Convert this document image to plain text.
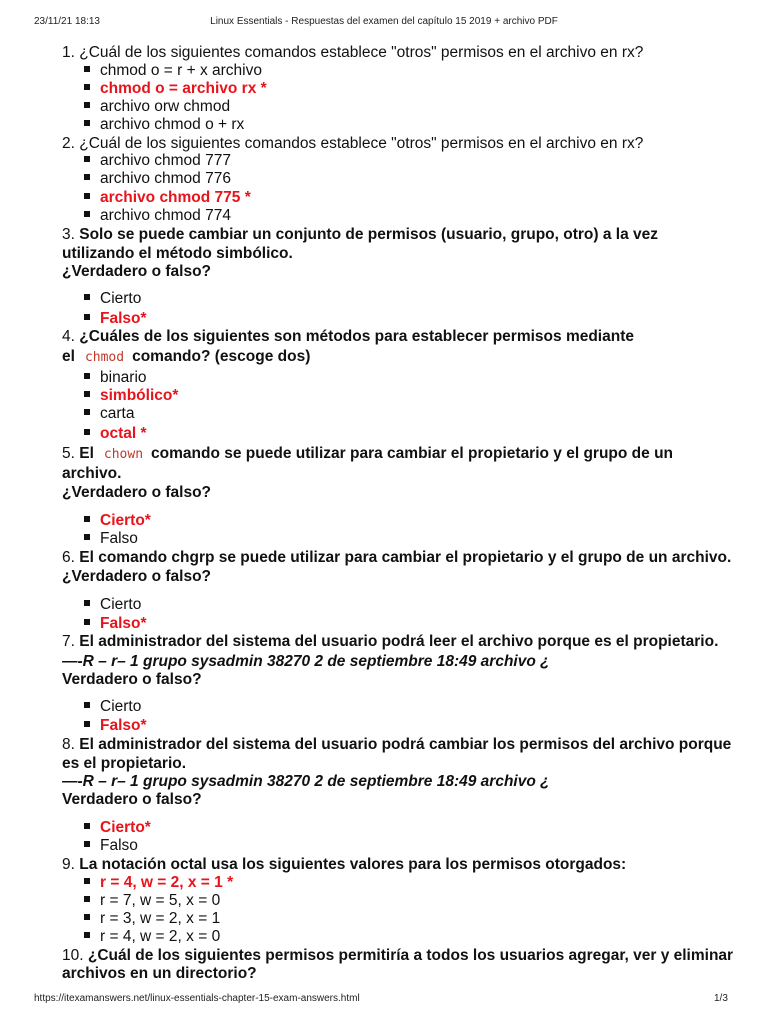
23/11/21 18:13	Linux Essentials - Respuestas del examen del capítulo 15 2019 + archivo PDF
1. ¿Cuál de los siguientes comandos establece "otros" permisos en el archivo en rx?
chmod o = r + x archivo
chmod o = archivo rx *
archivo orw chmod
archivo chmod o + rx
2. ¿Cuál de los siguientes comandos establece "otros" permisos en el archivo en rx?
archivo chmod 777
archivo chmod 776
archivo chmod 775 *
archivo chmod 774
3. Solo se puede cambiar un conjunto de permisos (usuario, grupo, otro) a la vez
utilizando el método simbólico.
¿Verdadero o falso?
Cierto
Falso*
4. ¿Cuáles de los siguientes son métodos para establecer permisos mediante
el chmod comando? (escoge dos)
binario
simbólico*
carta
octal *
5. El chown comando se puede utilizar para cambiar el propietario y el grupo de un
archivo.
¿Verdadero o falso?
Cierto*
Falso
6. El comando chgrp se puede utilizar para cambiar el propietario y el grupo de un archivo.
¿Verdadero o falso?
Cierto
Falso*
7. El administrador del sistema del usuario podrá leer el archivo porque es el propietario.
—-R – r– 1 grupo sysadmin 38270 2 de septiembre 18:49 archivo ¿
Verdadero o falso?
Cierto
Falso*
8. El administrador del sistema del usuario podrá cambiar los permisos del archivo porque
es el propietario.
—-R – r– 1 grupo sysadmin 38270 2 de septiembre 18:49 archivo ¿
Verdadero o falso?
Cierto*
Falso
9. La notación octal usa los siguientes valores para los permisos otorgados:
r = 4, w = 2, x = 1 *
r = 7, w = 5, x = 0
r = 3, w = 2, x = 1
r = 4, w = 2, x = 0
10. ¿Cuál de los siguientes permisos permitiría a todos los usuarios agregar, ver y eliminar
archivos en un directorio?
https://itexamanswers.net/linux-essentials-chapter-15-exam-answers.html	1/3
